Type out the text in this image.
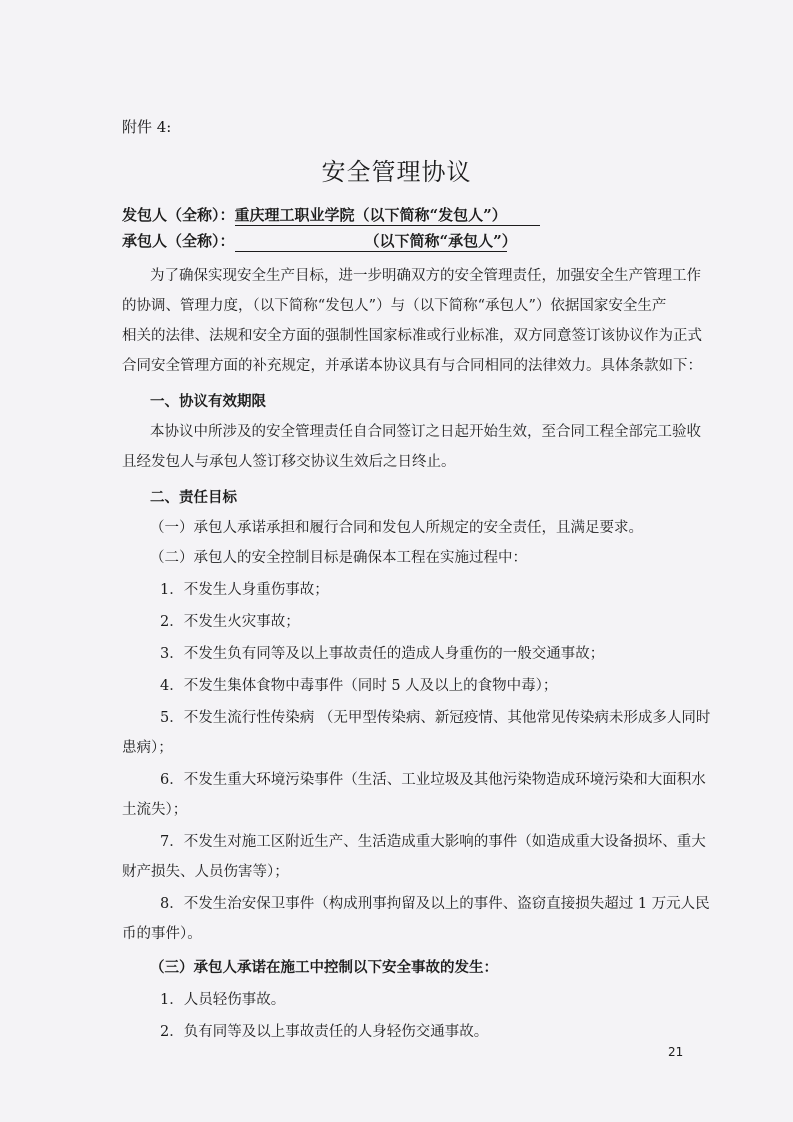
附件 4:
安全管理协议
发包人（全称）：重庆理工职业学院（以下简称“发包人”）
承包人（全称）：	（以下简称“承包人”）
为了确保实现安全生产目标，进一步明确双方的安全管理责任，加强安全生产管理工作
的协调、管理力度，（以下简称“发包人”）与（以下简称“承包人”）依据国家安全生产
相关的法律、法规和安全方面的强制性国家标准或行业标准，双方同意签订该协议作为正式
合同安全管理方面的补充规定，并承诺本协议具有与合同相同的法律效力。具体条款如下：
一、协议有效期限
本协议中所涉及的安全管理责任自合同签订之日起开始生效，至合同工程全部完工验收
且经发包人与承包人签订移交协议生效后之日终止。
二、责任目标
（一）承包人承诺承担和履行合同和发包人所规定的安全责任，且满足要求。
（二）承包人的安全控制目标是确保本工程在实施过程中：
1．不发生人身重伤事故；
2．不发生火灾事故；
3．不发生负有同等及以上事故责任的造成人身重伤的一般交通事故；
4．不发生集体食物中毒事件（同时 5 人及以上的食物中毒）；
5．不发生流行性传染病 （无甲型传染病、新冠疫情、其他常见传染病未形成多人同时
患病）；
6．不发生重大环境污染事件（生活、工业垃圾及其他污染物造成环境污染和大面积水
土流失）；
7．不发生对施工区附近生产、生活造成重大影响的事件（如造成重大设备损坏、重大
财产损失、人员伤害等）；
8．不发生治安保卫事件（构成刑事拘留及以上的事件、盗窃直接损失超过 1 万元人民
币的事件）。
（三）承包人承诺在施工中控制以下安全事故的发生：
1．人员轻伤事故。
2．负有同等及以上事故责任的人身轻伤交通事故。
21
